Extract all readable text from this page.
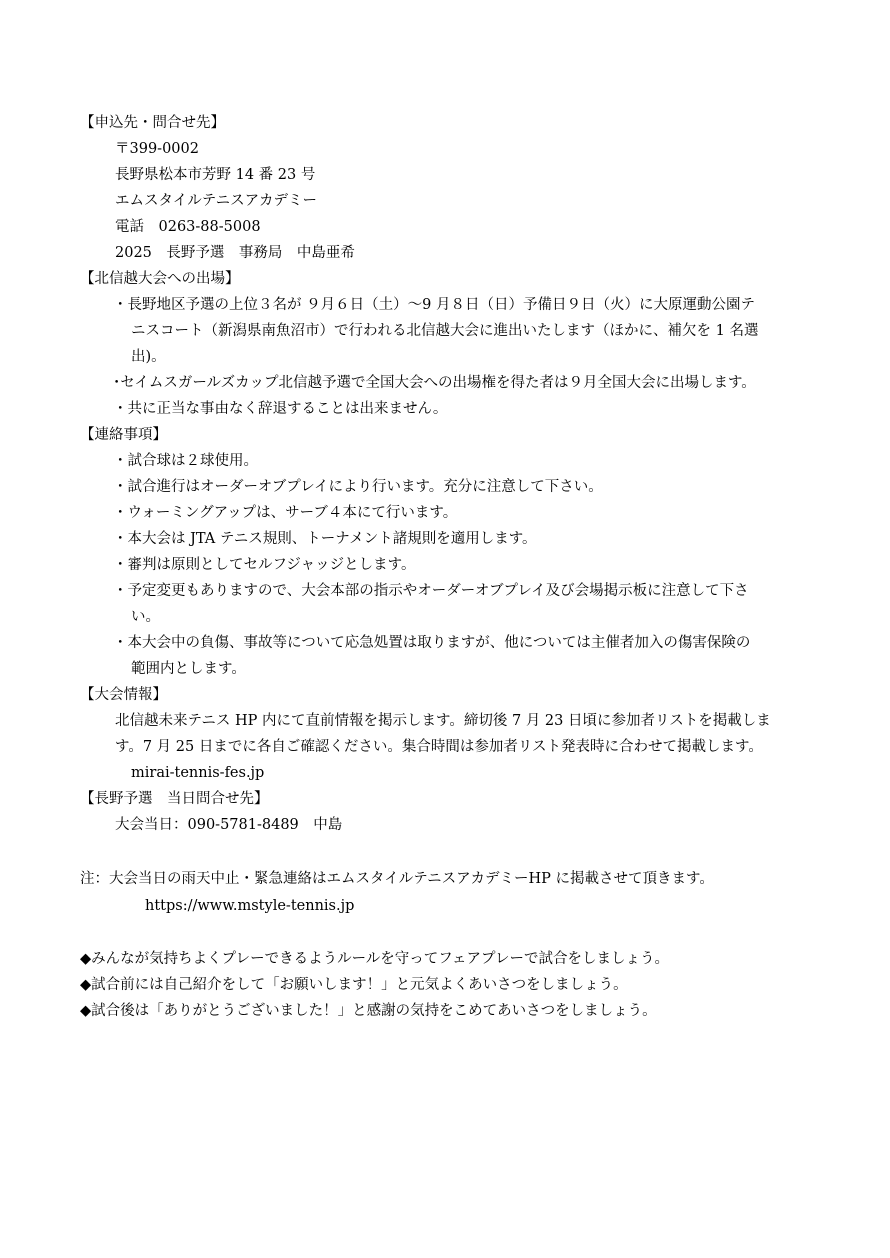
【申込先・問合せ先】
〒399-0002
長野県松本市芳野 14 番 23 号
エムスタイルテニスアカデミー
電話　0263-88-5008
2025　長野予選　事務局　中島亜希
【北信越大会への出場】
・長野地区予選の上位３名が ９月６日（土）～9 月８日（日）予備日９日（火）に大原運動公園テ
ニスコート（新潟県南魚沼市）で行われる北信越大会に進出いたします（ほかに、補欠を 1 名選
出)。
･セイムスガールズカップ北信越予選で全国大会への出場権を得た者は９月全国大会に出場します。
・共に正当な事由なく辞退することは出来ません。
【連絡事項】
・試合球は２球使用。
・試合進行はオーダーオブプレイにより行います。充分に注意して下さい。
・ウォーミングアップは、サーブ４本にて行います。
・本大会は JTA テニス規則、トーナメント諸規則を適用します。
・審判は原則としてセルフジャッジとします。
・予定変更もありますので、大会本部の指示やオーダーオブプレイ及び会場掲示板に注意して下さ
い。
・本大会中の負傷、事故等について応急処置は取りますが、他については主催者加入の傷害保険の
範囲内とします。
【大会情報】
北信越未来テニス HP 内にて直前情報を掲示します。締切後 7 月 23 日頃に参加者リストを掲載しま
す。7 月 25 日までに各自ご確認ください。集合時間は参加者リスト発表時に合わせて掲載します。
mirai-tennis-fes.jp
【長野予選　当日問合せ先】
大会当日：090-5781-8489　中島
注：大会当日の雨天中止・緊急連絡はエムスタイルテニスアカデミーHP に掲載させて頂きます。
https://www.mstyle-tennis.jp
◆みんなが気持ちよくプレーできるようルールを守ってフェアプレーで試合をしましょう。
◆試合前には自己紹介をして「お願いします！」と元気よくあいさつをしましょう。
◆試合後は「ありがとうございました！」と感謝の気持をこめてあいさつをしましょう。
